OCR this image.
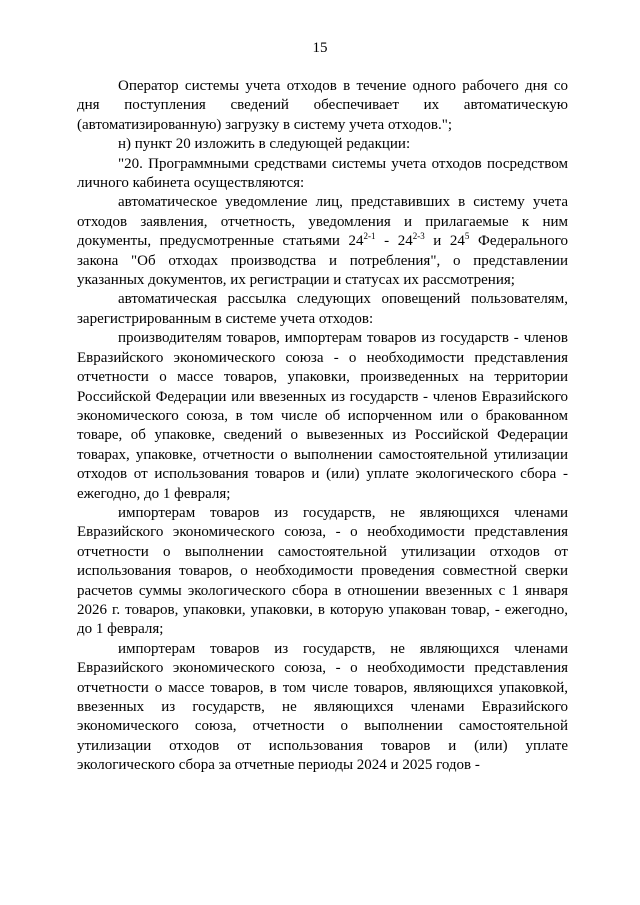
15

Оператор системы учета отходов в течение одного рабочего дня со дня поступления сведений обеспечивает их автоматическую (автоматизированную) загрузку в систему учета отходов.";

н) пункт 20 изложить в следующей редакции:

"20. Программными средствами системы учета отходов посредством личного кабинета осуществляются:

автоматическое уведомление лиц, представивших в систему учета отходов заявления, отчетность, уведомления и прилагаемые к ним документы, предусмотренные статьями 24$^{2-1}$ - 24$^{2-3}$ и $24^5$ Федерального закона "Об отходах производства и потребления", о представлении указанных документов, их регистрации и статусах их рассмотрения;

автоматическая рассылка следующих оповещений пользователям, зарегистрированным в системе учета отходов:

производителям товаров, импортерам товаров из государств - членов Евразийского экономического союза - о необходимости представления отчетности о массе товаров, упаковки, произведенных на территории Российской Федерации или ввезенных из государств - членов Евразийского экономического союза, в том числе об испорченном или о бракованном товаре, об упаковке, сведений о вывезенных из Российской Федерации товарах, упаковке, отчетности о выполнении самостоятельной утилизации отходов от использования товаров и (или) уплате экологического сбора - ежегодно, до 1 февраля;

импортерам товаров из государств, не являющихся членами Евразийского экономического союза, - о необходимости представления отчетности о выполнении самостоятельной утилизации отходов от использования товаров, о необходимости проведения совместной сверки расчетов суммы экологического сбора в отношении ввезенных с 1 января 2026 г. товаров, упаковки, упаковки, в которую упакован товар, - ежегодно, до 1 февраля;

импортерам товаров из государств, не являющихся членами Евразийского экономического союза, - о необходимости представления отчетности о массе товаров, в том числе товаров, являющихся упаковкой, ввезенных из государств, не являющихся членами Евразийского экономического союза, отчетности о выполнении самостоятельной утилизации отходов от использования товаров и (или) уплате экологического сбора за отчетные периоды 2024 и 2025 годов -
